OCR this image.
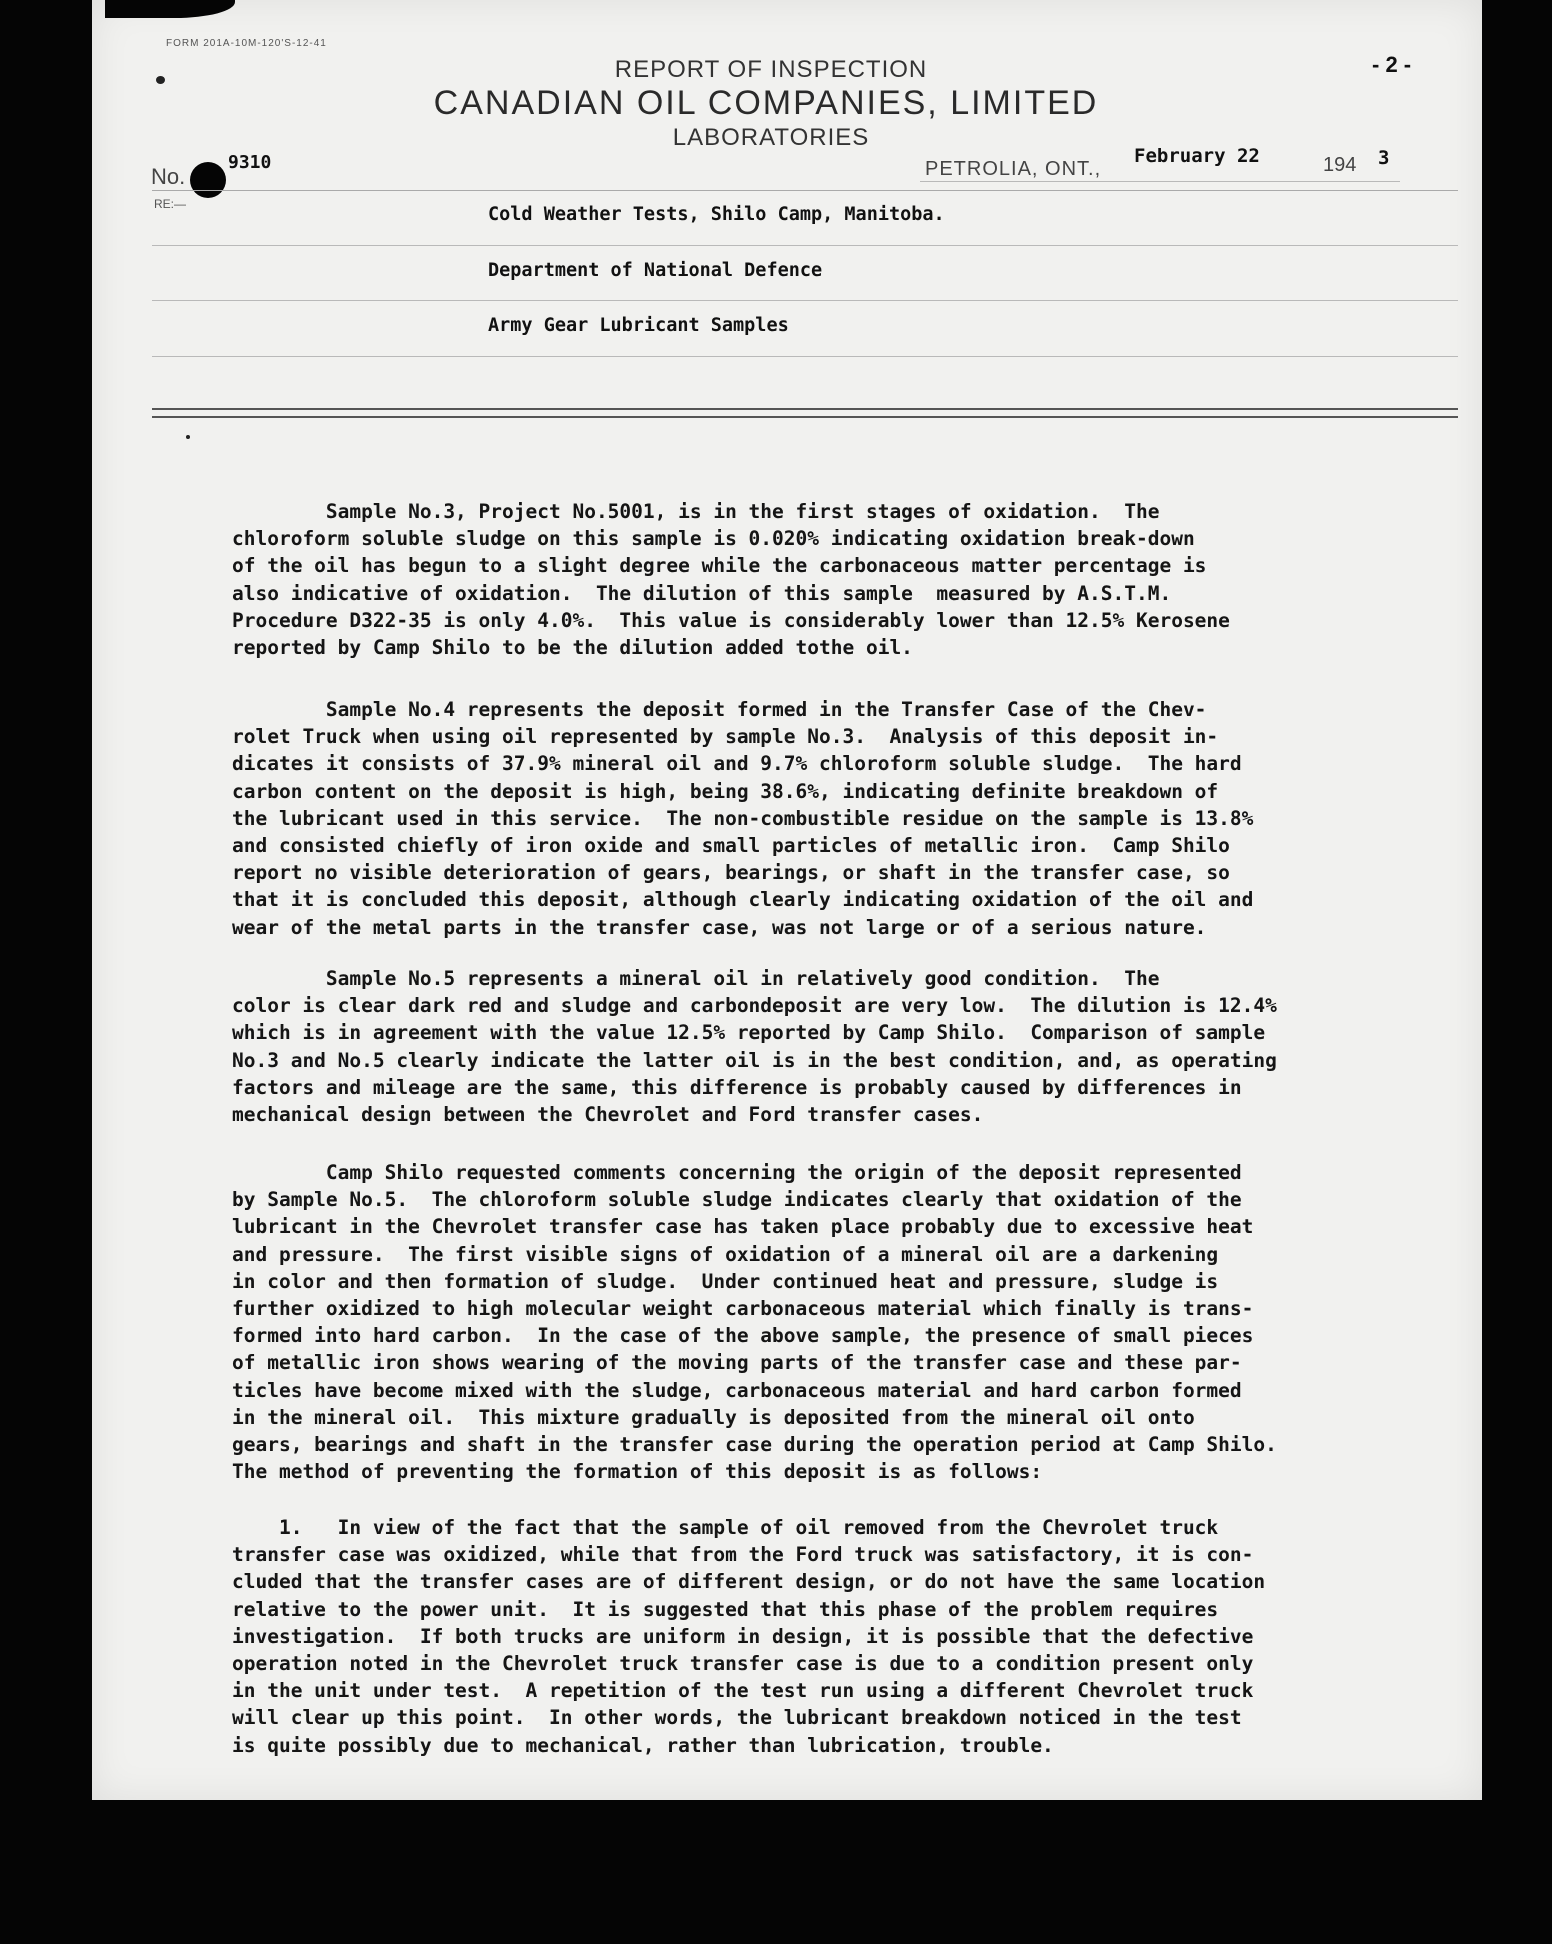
FORM 201A-10M-120'S-12-41
- 2 -
REPORT OF INSPECTION
CANADIAN OIL COMPANIES, LIMITED
LABORATORIES
No.
9310
RE:—
PETROLIA, ONT.,
February 22	194 3
Cold Weather Tests, Shilo Camp, Manitoba.
Department of National Defence
Army Gear Lubricant Samples
Sample No.3, Project No.5001, is in the first stages of oxidation.  The
chloroform soluble sludge on this sample is 0.020% indicating oxidation break-down
of the oil has begun to a slight degree while the carbonaceous matter percentage is
also indicative of oxidation.  The dilution of this sample  measured by A.S.T.M.
Procedure D322-35 is only 4.0%.  This value is considerably lower than 12.5% Kerosene
reported by Camp Shilo to be the dilution added tothe oil.
Sample No.4 represents the deposit formed in the Transfer Case of the Chev-
rolet Truck when using oil represented by sample No.3.  Analysis of this deposit in-
dicates it consists of 37.9% mineral oil and 9.7% chloroform soluble sludge.  The hard
carbon content on the deposit is high, being 38.6%, indicating definite breakdown of
the lubricant used in this service.  The non-combustible residue on the sample is 13.8%
and consisted chiefly of iron oxide and small particles of metallic iron.  Camp Shilo
report no visible deterioration of gears, bearings, or shaft in the transfer case, so
that it is concluded this deposit, although clearly indicating oxidation of the oil and
wear of the metal parts in the transfer case, was not large or of a serious nature.
Sample No.5 represents a mineral oil in relatively good condition.  The
color is clear dark red and sludge and carbondeposit are very low.  The dilution is 12.4%
which is in agreement with the value 12.5% reported by Camp Shilo.  Comparison of sample
No.3 and No.5 clearly indicate the latter oil is in the best condition, and, as operating
factors and mileage are the same, this difference is probably caused by differences in
mechanical design between the Chevrolet and Ford transfer cases.
Camp Shilo requested comments concerning the origin of the deposit represented
by Sample No.5.  The chloroform soluble sludge indicates clearly that oxidation of the
lubricant in the Chevrolet transfer case has taken place probably due to excessive heat
and pressure.  The first visible signs of oxidation of a mineral oil are a darkening
in color and then formation of sludge.  Under continued heat and pressure, sludge is
further oxidized to high molecular weight carbonaceous material which finally is trans-
formed into hard carbon.  In the case of the above sample, the presence of small pieces
of metallic iron shows wearing of the moving parts of the transfer case and these par-
ticles have become mixed with the sludge, carbonaceous material and hard carbon formed
in the mineral oil.  This mixture gradually is deposited from the mineral oil onto
gears, bearings and shaft in the transfer case during the operation period at Camp Shilo.
The method of preventing the formation of this deposit is as follows:
1.   In view of the fact that the sample of oil removed from the Chevrolet truck
transfer case was oxidized, while that from the Ford truck was satisfactory, it is con-
cluded that the transfer cases are of different design, or do not have the same location
relative to the power unit.  It is suggested that this phase of the problem requires
investigation.  If both trucks are uniform in design, it is possible that the defective
operation noted in the Chevrolet truck transfer case is due to a condition present only
in the unit under test.  A repetition of the test run using a different Chevrolet truck
will clear up this point.  In other words, the lubricant breakdown noticed in the test
is quite possibly due to mechanical, rather than lubrication, trouble.
